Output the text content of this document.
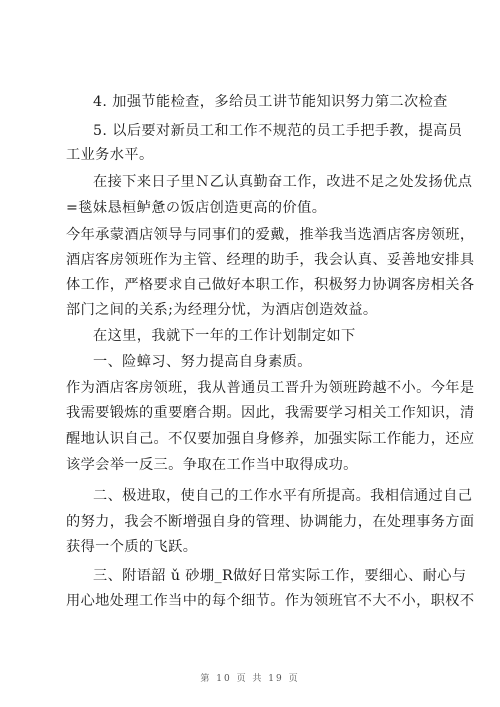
4. 加强节能检查，多给员工讲节能知识努力第二次检查
5. 以后要对新员工和工作不规范的员工手把手教，提高员
工业务水平。
在接下来日子里Ｎ乙认真勤奋工作，改进不足之处发扬优点
=毯妹恳桓鲈惫の饭店创造更高的价值。
今年承蒙酒店领导与同事们的爱戴，推举我当选酒店客房领班，
酒店客房领班作为主管、经理的助手，我会认真、妥善地安排具
体工作，严格要求自己做好本职工作，积极努力协调客房相关各
部门之间的关系;为经理分忧，为酒店创造效益。
在这里，我就下一年的工作计划制定如下
一、险蟑习、努力提高自身素质。
作为酒店客房领班，我从普通员工晋升为领班跨越不小。今年是
我需要锻炼的重要磨合期。因此，我需要学习相关工作知识，清
醒地认识自己。不仅要加强自身修养，加强实际工作能力，还应
该学会举一反三。争取在工作当中取得成功。
二、极进取，使自己的工作水平有所提高。我相信通过自己
的努力，我会不断增强自身的管理、协调能力，在处理事务方面
获得一个质的飞跃。
三、附语韶 ǔ 砂堋_R做好日常实际工作，要细心、耐心与
用心地处理工作当中的每个细节。作为领班官不大不小，职权不
第 10 页 共 19 页
